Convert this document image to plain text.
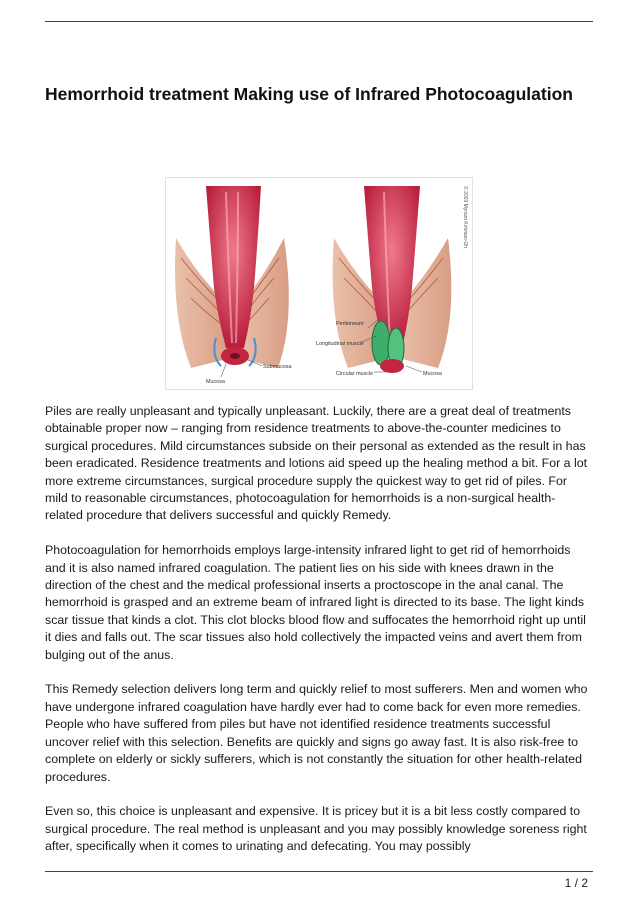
Hemorrhoid treatment Making use of Infrared Photocoagulation
Submucosa
Mucosa
Peritoneum
Longitudinal muscle
Circular muscle	Mucosa
© 2003 Myriam Kirkman-Oh

Piles are really unpleasant and typically unpleasant. Luckily, there are a great deal of treatments obtainable proper now – ranging from residence treatments to above-the-counter medicines to surgical procedures. Mild circumstances subside on their personal as extended as the result in has been eradicated. Residence treatments and lotions aid speed up the healing method a bit. For a lot more extreme circumstances, surgical procedure supply the quickest way to get rid of piles. For mild to reasonable circumstances, photocoagulation for hemorrhoids is a non-surgical health-related procedure that delivers successful and quickly Remedy.

Photocoagulation for hemorrhoids employs large-intensity infrared light to get rid of hemorrhoids and it is also named infrared coagulation. The patient lies on his side with knees drawn in the direction of the chest and the medical professional inserts a proctoscope in the anal canal. The hemorrhoid is grasped and an extreme beam of infrared light is directed to its base. The light kinds scar tissue that kinds a clot. This clot blocks blood flow and suffocates the hemorrhoid right up until it dies and falls out. The scar tissues also hold collectively the impacted veins and avert them from bulging out of the anus.

This Remedy selection delivers long term and quickly relief to most sufferers. Men and women who have undergone infrared coagulation have hardly ever had to come back for even more remedies. People who have suffered from piles but have not identified residence treatments successful uncover relief with this selection. Benefits are quickly and signs go away fast. It is also risk-free to complete on elderly or sickly sufferers, which is not constantly the situation for other health-related procedures.

Even so, this choice is unpleasant and expensive. It is pricey but it is a bit less costly compared to surgical procedure. The real method is unpleasant and you may possibly knowledge soreness right after, specifically when it comes to urinating and defecating. You may possibly

1 / 2
